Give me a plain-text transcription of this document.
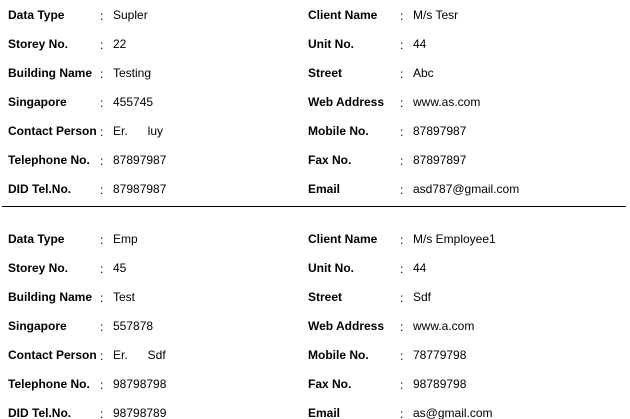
Data Type	: Supler	Client Name	: M/s Tesr
Storey No.	: 22	Unit No.	: 44
Building Name : Testing	Street	: Abc
Singapore	: 455745	Web Address	: www.as.com
Contact Person : Er.      luy	Mobile No.	: 87897987
Telephone No. : 87897987	Fax No.	: 87897897
DID Tel.No.	: 87987987	Email	: asd787@gmail.com
Data Type	: Emp	Client Name	: M/s Employee1
Storey No.	: 45	Unit No.	: 44
Building Name : Test	Street	: Sdf
Singapore	: 557878	Web Address	: www.a.com
Contact Person : Er.      Sdf	Mobile No.	: 78779798
Telephone No. : 98798798	Fax No.	: 98789798
DID Tel.No.	: 98798789	Email	: as@gmail.com
